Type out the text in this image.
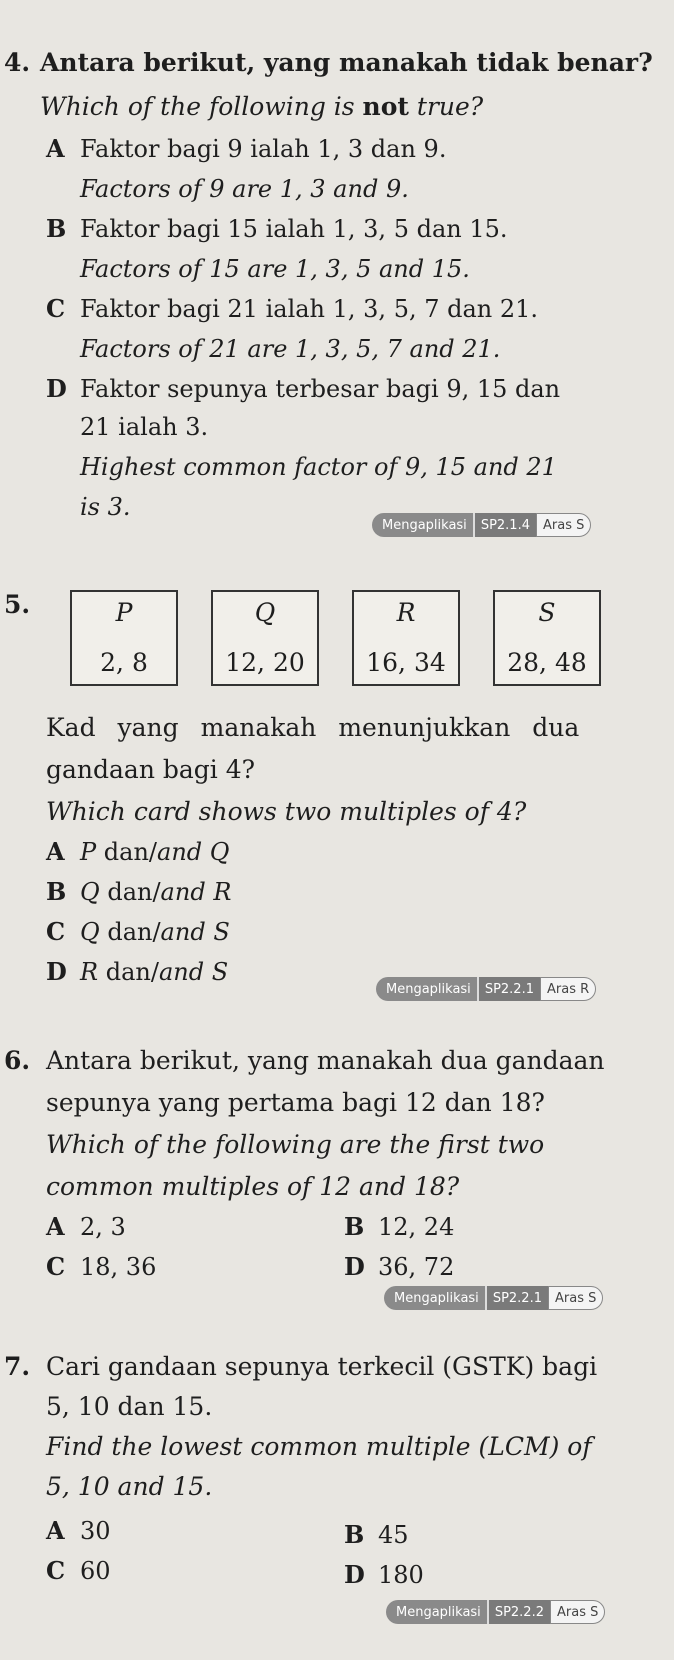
4. Antara berikut, yang manakah tidak benar?
Which of the following is not true?
A Faktor bagi 9 ialah 1, 3 dan 9.
Factors of 9 are 1, 3 and 9.
B Faktor bagi 15 ialah 1, 3, 5 dan 15.
Factors of 15 are 1, 3, 5 and 15.
C Faktor bagi 21 ialah 1, 3, 5, 7 dan 21.
Factors of 21 are 1, 3, 5, 7 and 21.
D Faktor sepunya terbesar bagi 9, 15 dan
21 ialah 3.
Highest common factor of 9, 15 and 21
is 3.
Mengaplikasi	SP2.1.4	Aras S
5.	P
2, 8
Q
12, 20
R
16, 34
S
28, 48
Kad yang manakah menunjukkan dua
gandaan bagi 4?
Which card shows two multiples of 4?
A P dan/and Q
B Q dan/and R
C Q dan/and S
D R dan/and S
Mengaplikasi	SP2.2.1	Aras R
6. Antara berikut, yang manakah dua gandaan
sepunya yang pertama bagi 12 dan 18?
Which of the following are the first two
common multiples of 12 and 18?
A 2, 3	B 12, 24
C 18, 36	D 36, 72
Mengaplikasi	SP2.2.1	Aras S
7. Cari gandaan sepunya terkecil (GSTK) bagi
5, 10 dan 15.
Find the lowest common multiple (LCM) of
5, 10 and 15.
A 30	B 45
C 60	D 180
Mengaplikasi	SP2.2.2	Aras S
